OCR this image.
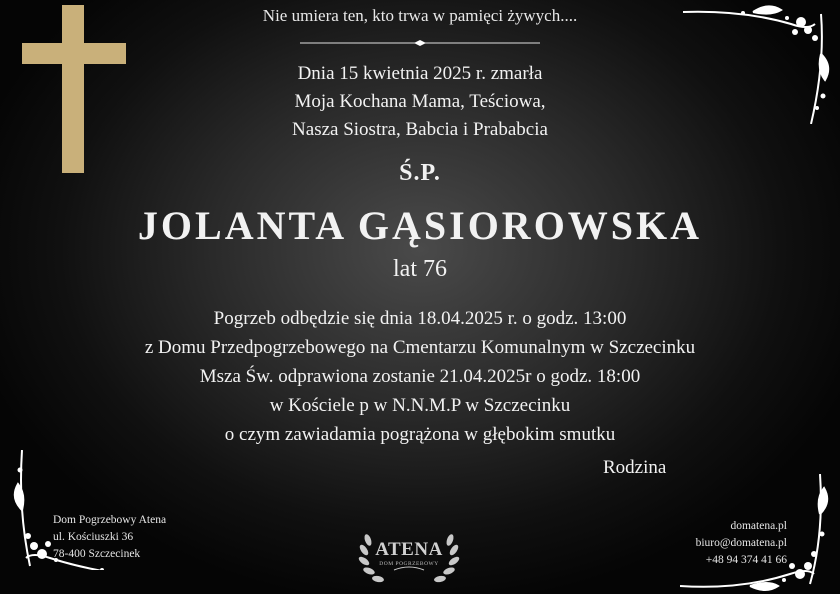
Nie umiera ten, kto trwa w pamięci żywych....
Dnia 15 kwietnia 2025 r. zmarła
Moja Kochana Mama, Teściowa,
Nasza Siostra, Babcia i Prababcia
Ś.P.
JOLANTA GĄSIOROWSKA
lat 76
Pogrzeb odbędzie się dnia 18.04.2025 r. o godz. 13:00
z Domu Przedpogrzebowego na Cmentarzu Komunalnym w Szczecinku
Msza Św. odprawiona zostanie 21.04.2025r o godz. 18:00
w Kościele p w N.N.M.P w Szczecinku
o czym zawiadamia pogrążona w głębokim smutku
Rodzina
Dom Pogrzebowy Atena
ul. Kościuszki 36
78-400 Szczecinek	ATENA
DOM POGRZEBOWY
domatena.pl
biuro@domatena.pl
+48 94 374 41 66
